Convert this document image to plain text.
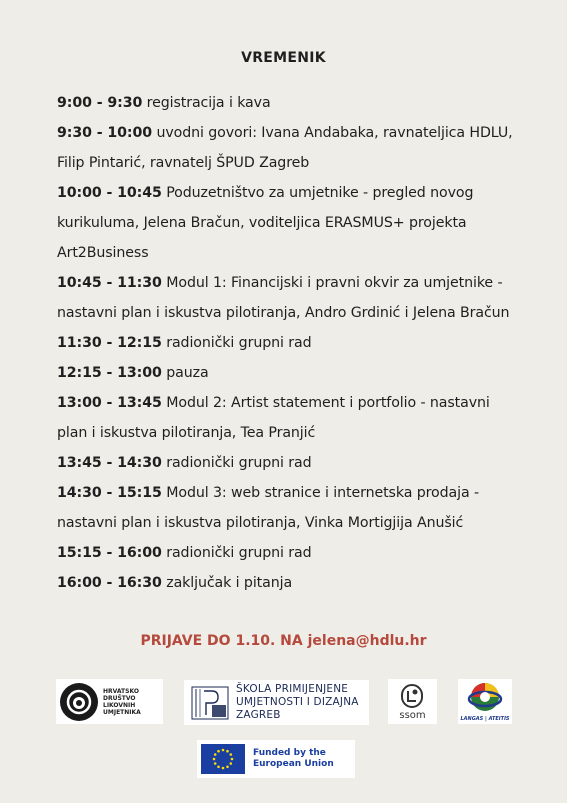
VREMENIK

9:00 - 9:30 registracija i kava

9:30 - 10:00 uvodni govori: Ivana Andabaka, ravnateljica HDLU, Filip Pintarić, ravnatelj ŠPUD Zagreb

10:00 - 10:45 Poduzetništvo za umjetnike - pregled novog kurikuluma, Jelena Bračun, voditeljica ERASMUS+ projekta Art2Business

10:45 - 11:30 Modul 1: Financijski i pravni okvir za umjetnike - nastavni plan i iskustva pilotiranja, Andro Grdinić i Jelena Bračun

11:30 - 12:15 radionički grupni rad

12:15 - 13:00 pauza

13:00 - 13:45 Modul 2: Artist statement i portfolio - nastavni plan i iskustva pilotiranja, Tea Pranjić

13:45 - 14:30 radionički grupni rad

14:30 - 15:15 Modul 3: web stranice i internetska prodaja - nastavni plan i iskustva pilotiranja, Vinka Mortigjija Anušić

15:15 - 16:00 radionički grupni rad

16:00 - 16:30 zaključak i pitanja

PRIJAVE DO 1.10. NA jelena@hdlu.hr
HRVATSKO DRUŠTVO LIKOVNIH UMJETNIKA
ŠKOLA PRIMIJENJENE UMJETNOSTI I DIZAJNA ZAGREB	ssom	LANGAS | ATEITIS
Funded by the European Union
